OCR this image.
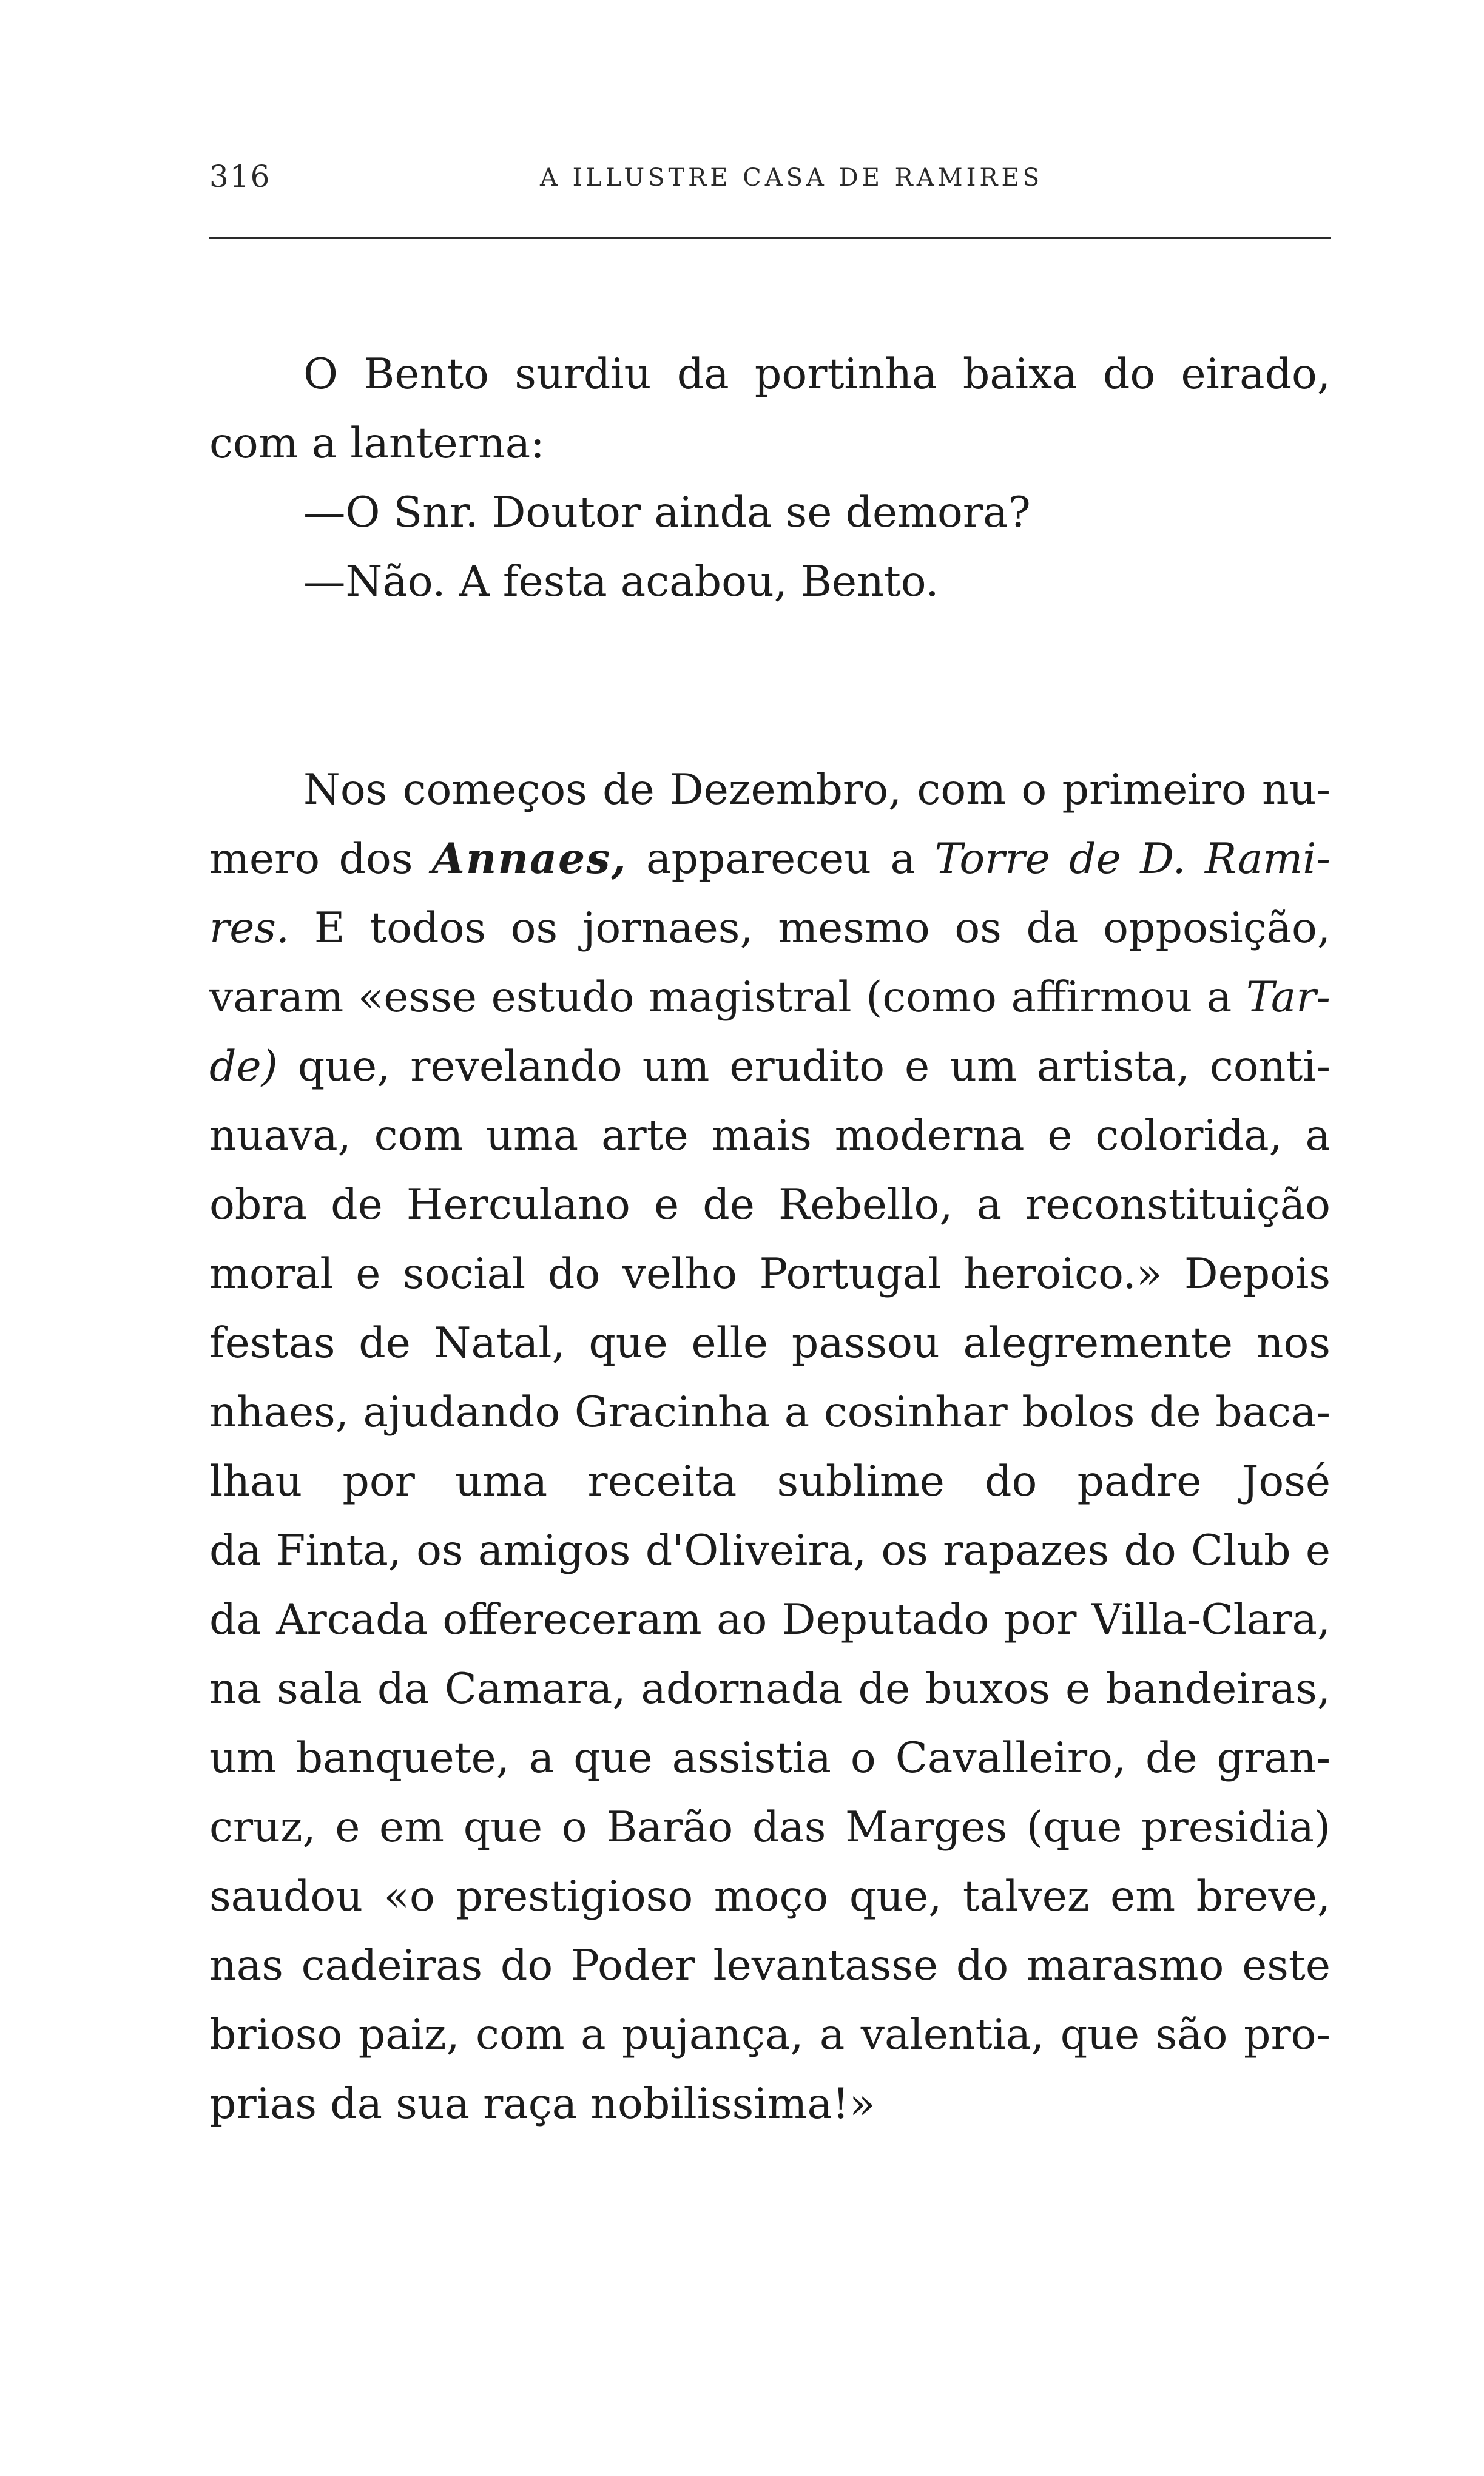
316	A ILLUSTRE CASA DE RAMIRES
O Bento surdiu da portinha baixa do eirado,
com a lanterna:
—O Snr. Doutor ainda se demora?
—Não. A festa acabou, Bento.
Nos começos de Dezembro, com o primeiro nu-
mero dos Annaes, appareceu a Torre de D. Rami-
res. E todos os jornaes, mesmo os da opposição,
varam «esse estudo magistral (como affirmou a Tar-
de) que, revelando um erudito e um artista, conti-
nuava, com uma arte mais moderna e colorida, a
obra de Herculano e de Rebello, a reconstituição
moral e social do velho Portugal heroico.» Depois
festas de Natal, que elle passou alegremente nos
nhaes, ajudando Gracinha a cosinhar bolos de baca-
lhau por uma receita sublime do padre José
da Finta, os amigos d'Oliveira, os rapazes do Club e
da Arcada offereceram ao Deputado por Villa-Clara,
na sala da Camara, adornada de buxos e bandeiras,
um banquete, a que assistia o Cavalleiro, de gran-
cruz, e em que o Barão das Marges (que presidia)
saudou «o prestigioso moço que, talvez em breve,
nas cadeiras do Poder levantasse do marasmo este
brioso paiz, com a pujança, a valentia, que são pro-
prias da sua raça nobilissima!»
